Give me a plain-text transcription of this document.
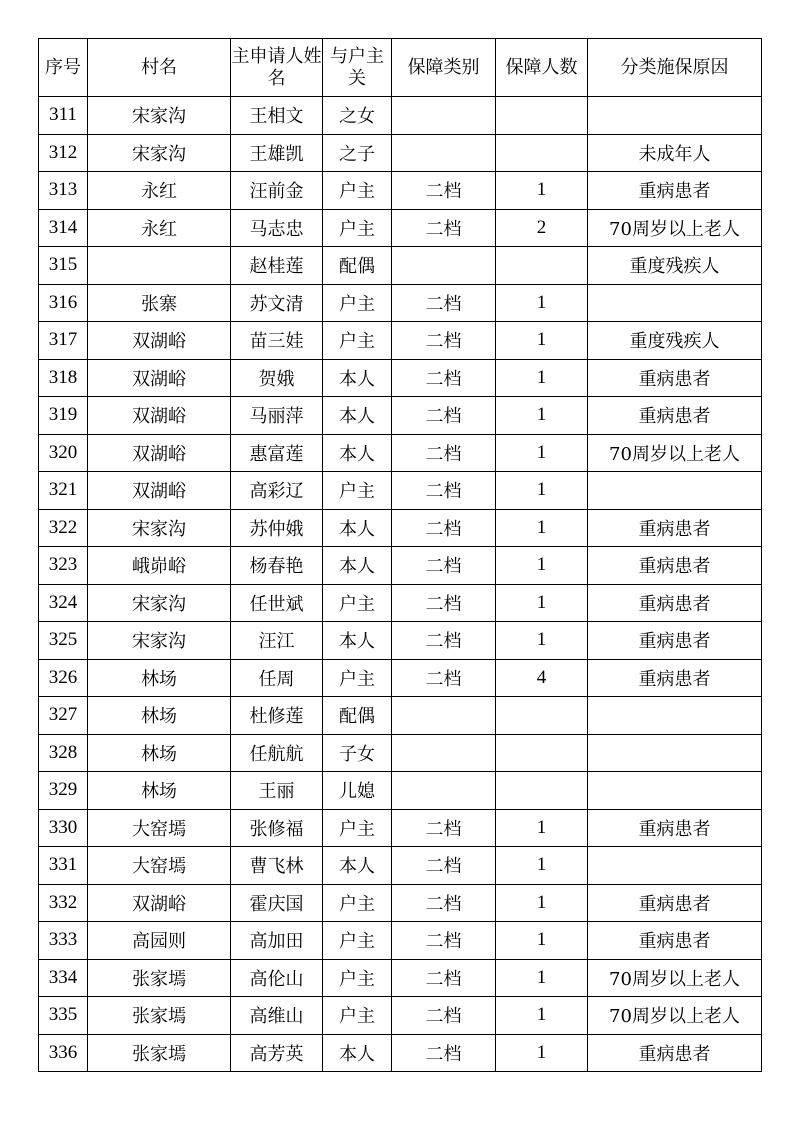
序号	村名	主申请人姓名	与户主关	保障类别	保障人数	分类施保原因
311	宋家沟	王相文	之女			
312	宋家沟	王雄凯	之子			未成年人
313	永红	汪前金	户主	二档	1	重病患者
314	永红	马志忠	户主	二档	2	70周岁以上老人
315		赵桂莲	配偶			重度残疾人
316	张寨	苏文清	户主	二档	1	
317	双湖峪	苗三娃	户主	二档	1	重度残疾人
318	双湖峪	贺娥	本人	二档	1	重病患者
319	双湖峪	马丽萍	本人	二档	1	重病患者
320	双湖峪	惠富莲	本人	二档	1	70周岁以上老人
321	双湖峪	高彩辽	户主	二档	1	
322	宋家沟	苏仲娥	本人	二档	1	重病患者
323	峨峁峪	杨春艳	本人	二档	1	重病患者
324	宋家沟	任世斌	户主	二档	1	重病患者
325	宋家沟	汪江	本人	二档	1	重病患者
326	林场	任周	户主	二档	4	重病患者
327	林场	杜修莲	配偶			
328	林场	任航航	子女			
329	林场	王丽	儿媳			
330	大窑墕	张修福	户主	二档	1	重病患者
331	大窑墕	曹飞林	本人	二档	1	
332	双湖峪	霍庆国	户主	二档	1	重病患者
333	高园则	高加田	户主	二档	1	重病患者
334	张家墕	高伦山	户主	二档	1	70周岁以上老人
335	张家墕	高维山	户主	二档	1	70周岁以上老人
336	张家墕	高芳英	本人	二档	1	重病患者
